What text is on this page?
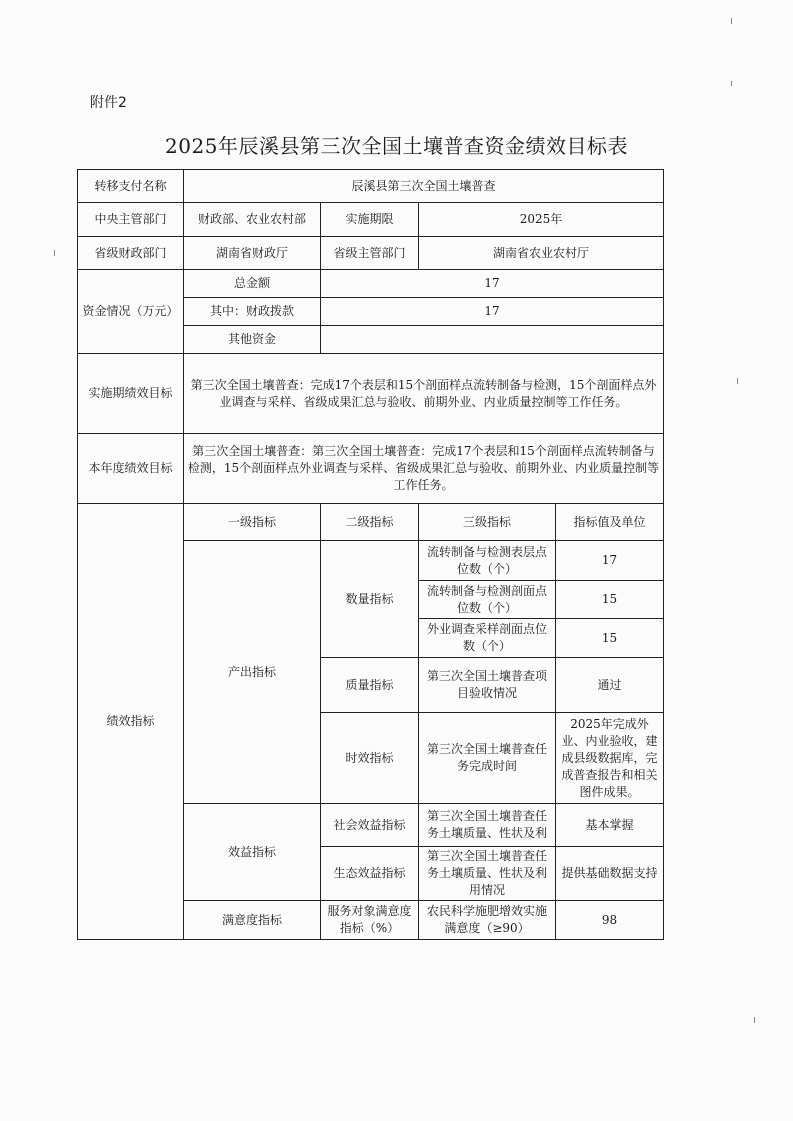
附件2
2025年辰溪县第三次全国土壤普查资金绩效目标表
转移支付名称	辰溪县第三次全国土壤普查			
中央主管部门	财政部、农业农村部	实施期限	2025年	
省级财政部门	湖南省财政厅	省级主管部门	湖南省农业农村厅	
资金情况（万元）	总金额	17		
	其中：财政拨款	17		
	其他资金			
实施期绩效目标	第三次全国土壤普查：完成17个表层和15个剖面样点流转制备与检测，15个剖面样点外业调查与采样、省级成果汇总与验收、前期外业、内业质量控制等工作任务。			
本年度绩效目标	第三次全国土壤普查：第三次全国土壤普查：完成17个表层和15个剖面样点流转制备与检测，15个剖面样点外业调查与采样、省级成果汇总与验收、前期外业、内业质量控制等工作任务。			
绩效指标	一级指标	二级指标	三级指标	指标值及单位
	产出指标	数量指标	流转制备与检测表层点位数（个）	17
			流转制备与检测剖面点位数（个）	15
			外业调查采样剖面点位数（个）	15
		质量指标	第三次全国土壤普查项目验收情况	通过
		时效指标	第三次全国土壤普查任务完成时间	2025年完成外业、内业验收，建成县级数据库，完成普查报告和相关图件成果。
	效益指标	社会效益指标	第三次全国土壤普查任务土壤质量、性状及利	基本掌握
		生态效益指标	第三次全国土壤普查任务土壤质量、性状及利用情况	提供基础数据支持
	满意度指标	服务对象满意度指标（%）	农民科学施肥增效实施满意度（≥90）	98
